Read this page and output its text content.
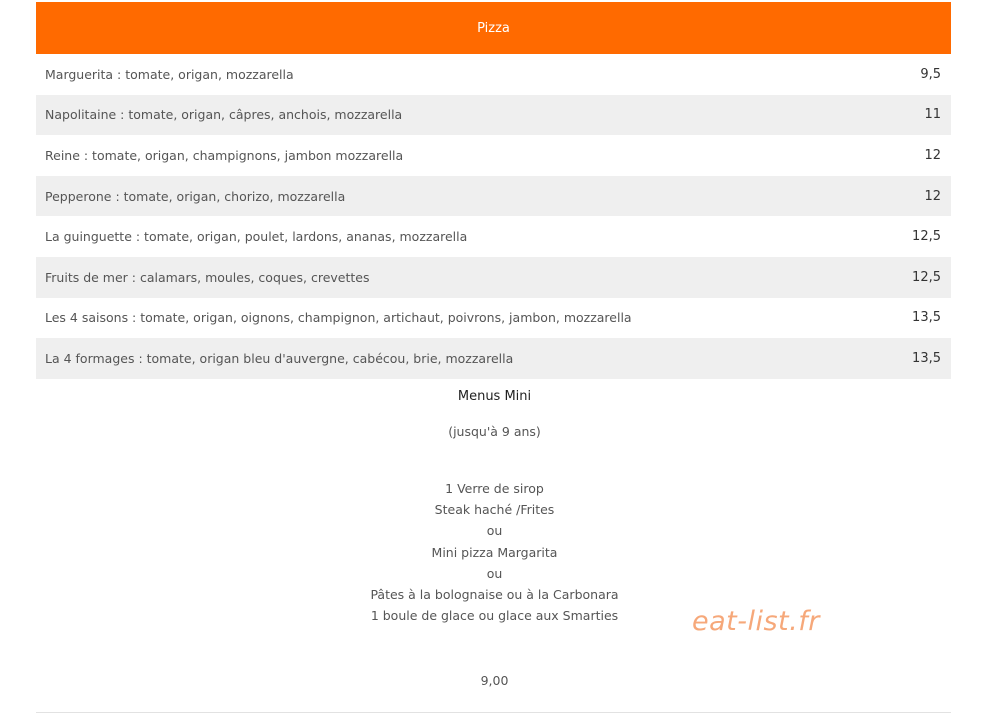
Pizza
Marguerita : tomate, origan, mozzarella	9,5
Napolitaine : tomate, origan, câpres, anchois, mozzarella	11
Reine : tomate, origan, champignons, jambon mozzarella	12
Pepperone : tomate, origan, chorizo, mozzarella	12
La guinguette : tomate, origan, poulet, lardons, ananas, mozzarella	12,5
Fruits de mer : calamars, moules, coques, crevettes	12,5
Les 4 saisons : tomate, origan, oignons, champignon, artichaut, poivrons, jambon, mozzarella	13,5
La 4 formages : tomate, origan bleu d'auvergne, cabécou, brie, mozzarella	13,5
Menus Mini
(jusqu'à 9 ans)
1 Verre de sirop
Steak haché /Frites
ou
Mini pizza Margarita
ou
Pâtes à la bolognaise ou à la Carbonara
1 boule de glace ou glace aux Smarties
9,00
eat-list.fr
